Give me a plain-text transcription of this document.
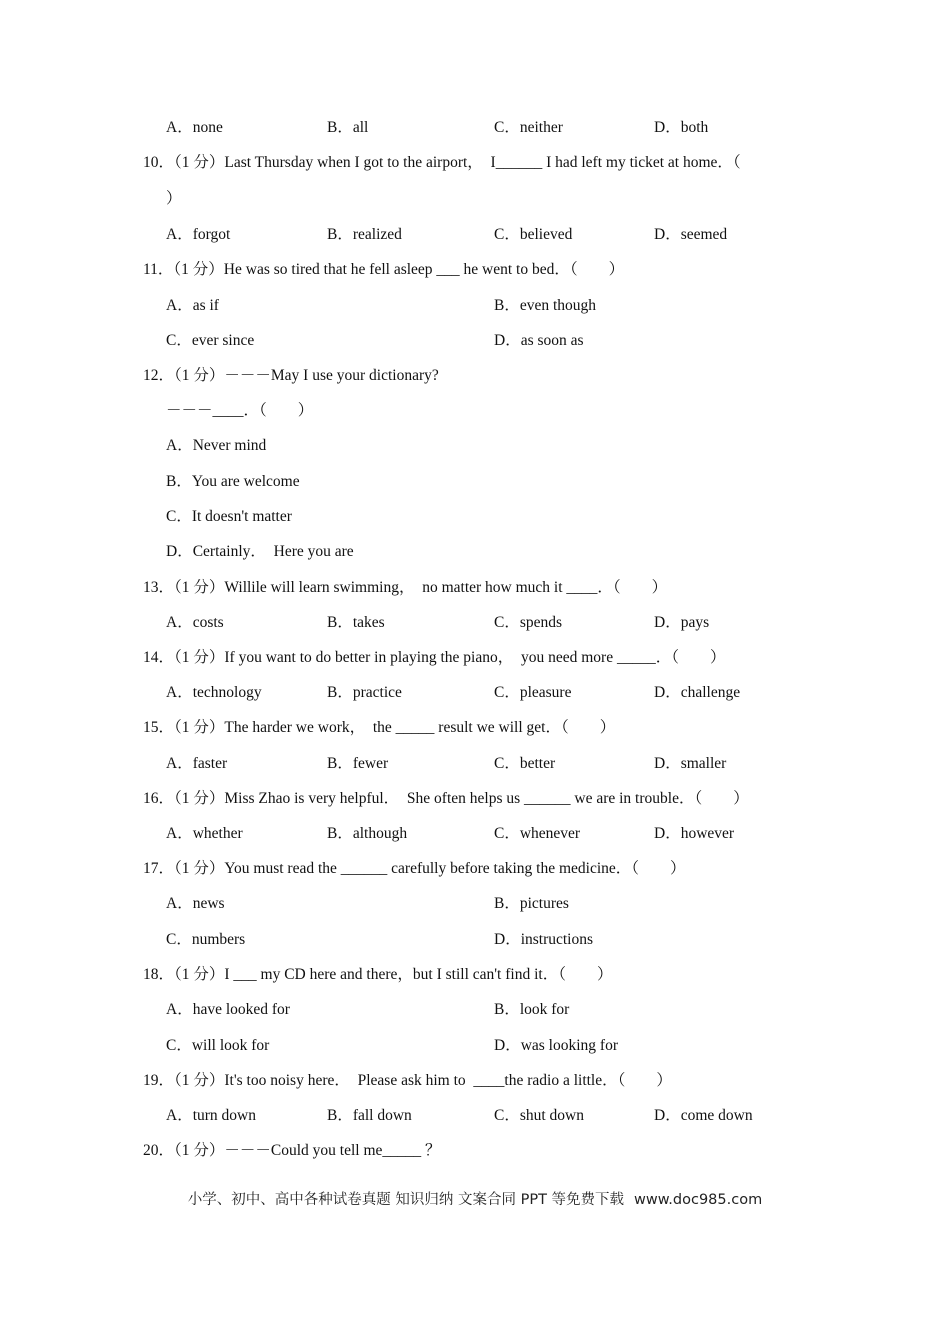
A．none

	B．all

	C．neither

	D．both

10．（1 分）Last Thursday when I got to the airport，  I______ I had left my ticket at home．（

）

A．forgot

	B．realized

	C．believed

	D．seemed

11．（1 分）He was so tired that he fell asleep ___ he went to bed．（　　）

A．as if

	B．even though

C．ever since

	D．as soon as

12．（1 分）－－－May I use your dictionary?

－－－____．（　　）

A．Never mind

B．You are welcome

C．It doesn't matter

D．Certainly．  Here you are

13．（1 分）Willile will learn swimming，  no matter how much it ____．（　　）

A．costs

	B．takes

	C．spends

	D．pays

14．（1 分）If you want to do better in playing the piano，  you need more _____．（　　）

A．technology

	B．practice

	C．pleasure

	D．challenge

15．（1 分）The harder we work，  the _____ result we will get．（　　）

A．faster

	B．fewer

	C．better

	D．smaller

16．（1 分）Miss Zhao is very helpful．  She often helps us ______ we are in trouble．（　　）

A．whether

	B．although

	C．whenever

	D．however

17．（1 分）You must read the ______ carefully before taking the medicine．（　　）

A．news

	B．pictures

C．numbers

	D．instructions

18．（1 分）I ___ my CD here and there，but I still can't find it．（　　）

A．have looked for

	B．look for

C．will look for

	D．was looking for

19．（1 分）It's too noisy here．  Please ask him to  ____the radio a little．（　　）

A．turn down

	B．fall down

	C．shut down

	D．come down

20．（1 分）－－－Could you tell me_____ ？

小学、初中、高中各种试卷真题 知识归纳 文案合同 PPT 等免费下载 www.doc985.com
